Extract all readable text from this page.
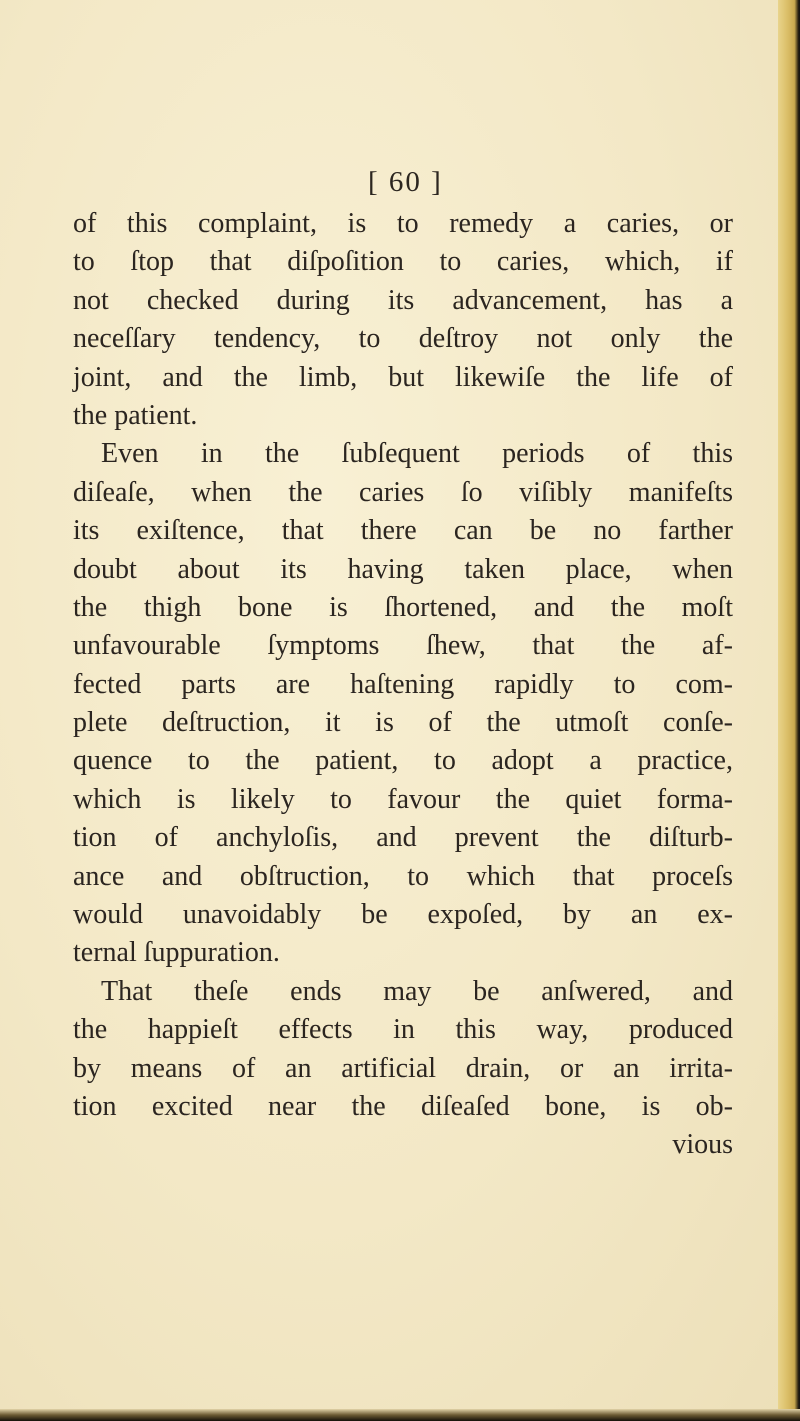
[ 60 ]
of this complaint, is to remedy a caries, or
to ſtop that diſpoſition to caries, which, if
not checked during its advancement, has a
neceſſary tendency, to deſtroy not only the
joint, and the limb, but likewiſe the life of
the patient.
Even in the ſubſequent periods of this
diſeaſe, when the caries ſo viſibly manifeſts
its exiſtence, that there can be no farther
doubt about its having taken place, when
the thigh bone is ſhortened, and the moſt
unfavourable ſymptoms ſhew, that the af-
fected parts are haſtening rapidly to com-
plete deſtruction, it is of the utmoſt conſe-
quence to the patient, to adopt a practice,
which is likely to favour the quiet forma-
tion of anchyloſis, and prevent the diſturb-
ance and obſtruction, to which that proceſs
would unavoidably be expoſed, by an ex-
ternal ſuppuration.
That theſe ends may be anſwered, and
the happieſt effects in this way, produced
by means of an artificial drain, or an irrita-
tion excited near the diſeaſed bone, is ob-
vious
